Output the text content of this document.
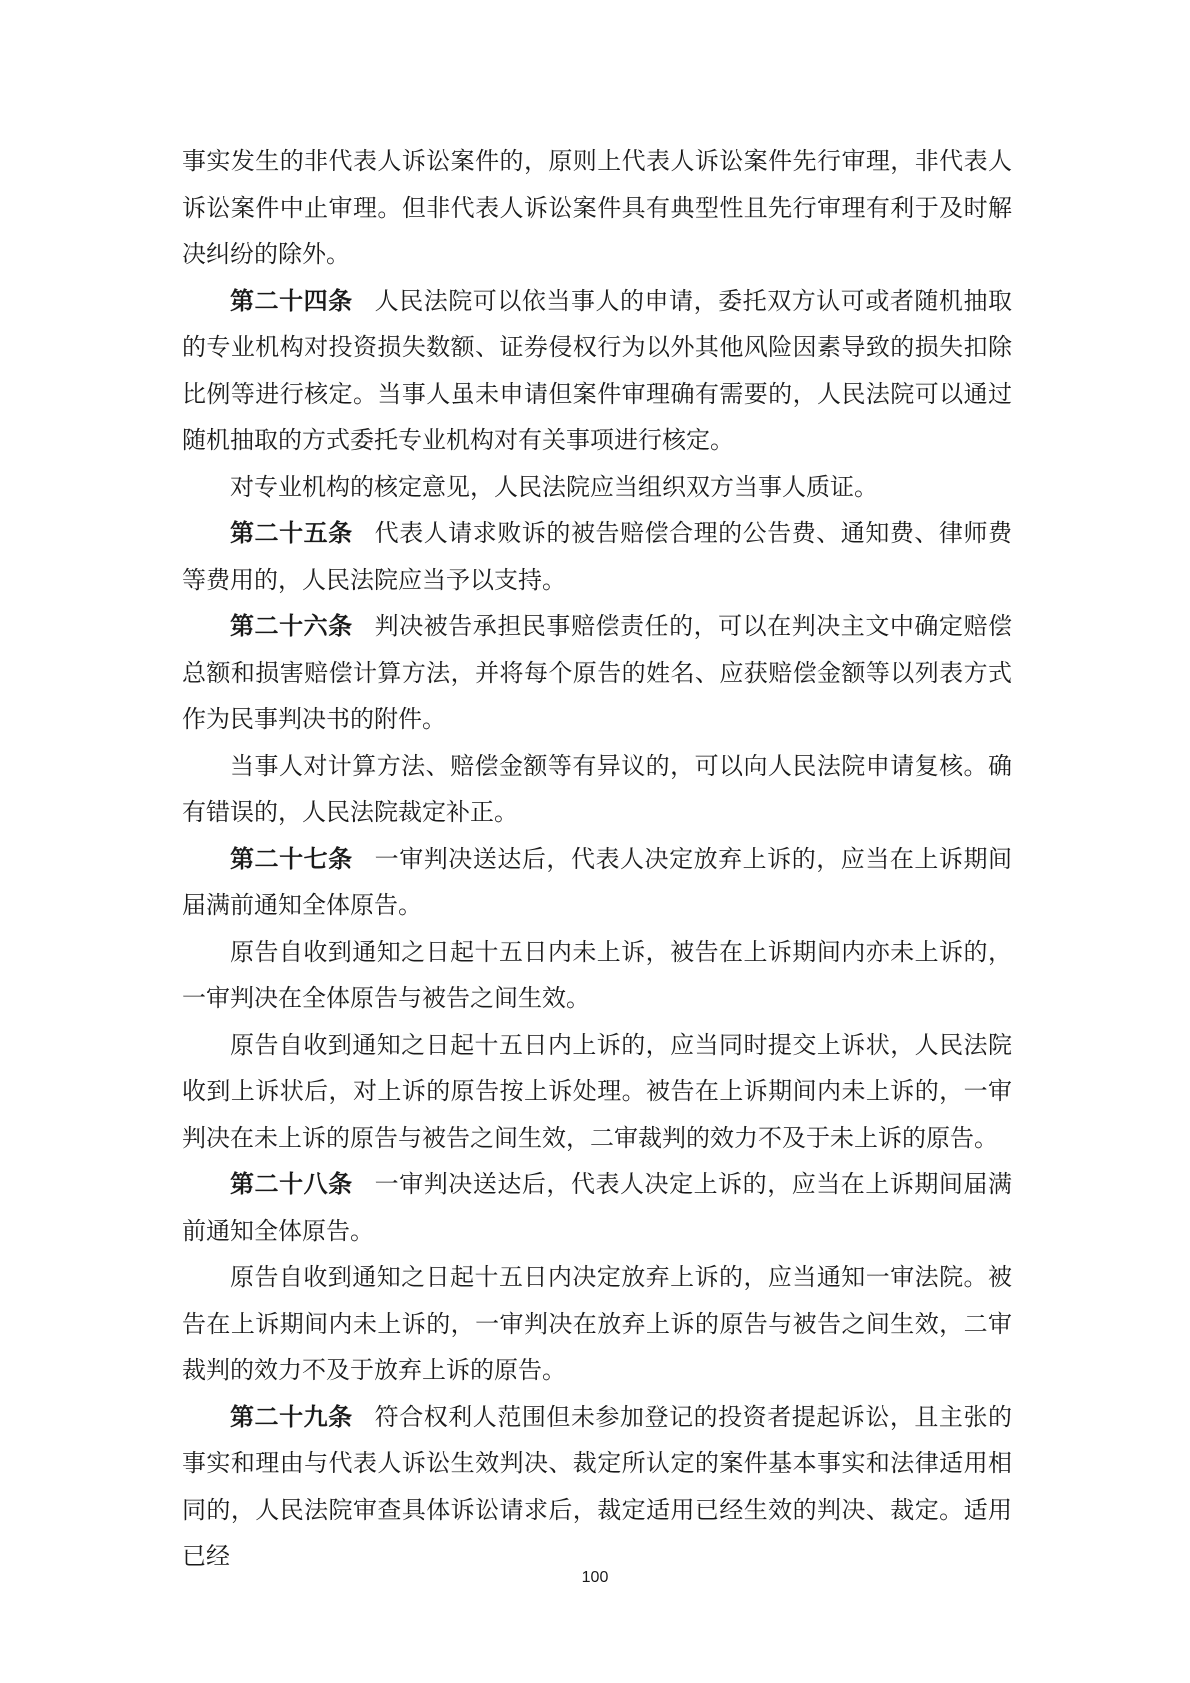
事实发生的非代表人诉讼案件的，原则上代表人诉讼案件先行审理，非代表人诉讼案件中止审理。但非代表人诉讼案件具有典型性且先行审理有利于及时解决纠纷的除外。

第二十四条 人民法院可以依当事人的申请，委托双方认可或者随机抽取的专业机构对投资损失数额、证券侵权行为以外其他风险因素导致的损失扣除比例等进行核定。当事人虽未申请但案件审理确有需要的，人民法院可以通过随机抽取的方式委托专业机构对有关事项进行核定。

对专业机构的核定意见，人民法院应当组织双方当事人质证。

第二十五条 代表人请求败诉的被告赔偿合理的公告费、通知费、律师费等费用的，人民法院应当予以支持。

第二十六条 判决被告承担民事赔偿责任的，可以在判决主文中确定赔偿总额和损害赔偿计算方法，并将每个原告的姓名、应获赔偿金额等以列表方式作为民事判决书的附件。

当事人对计算方法、赔偿金额等有异议的，可以向人民法院申请复核。确有错误的，人民法院裁定补正。

第二十七条 一审判决送达后，代表人决定放弃上诉的，应当在上诉期间届满前通知全体原告。

原告自收到通知之日起十五日内未上诉，被告在上诉期间内亦未上诉的，一审判决在全体原告与被告之间生效。

原告自收到通知之日起十五日内上诉的，应当同时提交上诉状，人民法院收到上诉状后，对上诉的原告按上诉处理。被告在上诉期间内未上诉的，一审判决在未上诉的原告与被告之间生效，二审裁判的效力不及于未上诉的原告。

第二十八条 一审判决送达后，代表人决定上诉的，应当在上诉期间届满前通知全体原告。

原告自收到通知之日起十五日内决定放弃上诉的，应当通知一审法院。被告在上诉期间内未上诉的，一审判决在放弃上诉的原告与被告之间生效，二审裁判的效力不及于放弃上诉的原告。

第二十九条 符合权利人范围但未参加登记的投资者提起诉讼，且主张的事实和理由与代表人诉讼生效判决、裁定所认定的案件基本事实和法律适用相同的，人民法院审查具体诉讼请求后，裁定适用已经生效的判决、裁定。适用已经

100
